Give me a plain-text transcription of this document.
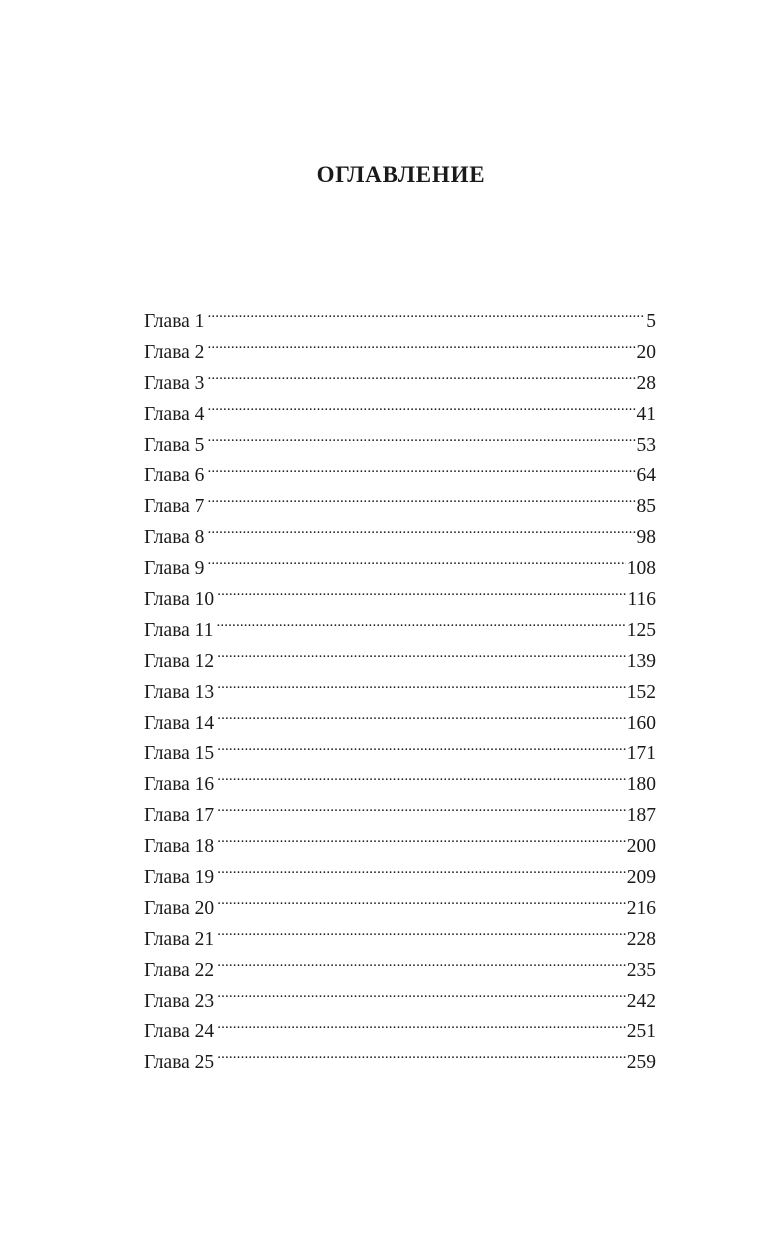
ОГЛАВЛЕНИЕ
Глава 1 .....	5
Глава 2 .....	20
Глава 3 .....	28
Глава 4 .....	41
Глава 5 .....	53
Глава 6 .....	64
Глава 7 .....	85
Глава 8 .....	98
Глава 9 .....	108
Глава 10 .....	116
Глава 11 .....	125
Глава 12 .....	139
Глава 13 .....	152
Глава 14 .....	160
Глава 15 .....	171
Глава 16 .....	180
Глава 17 .....	187
Глава 18 .....	200
Глава 19 .....	209
Глава 20 .....	216
Глава 21 .....	228
Глава 22 .....	235
Глава 23 .....	242
Глава 24 .....	251
Глава 25 .....	259
